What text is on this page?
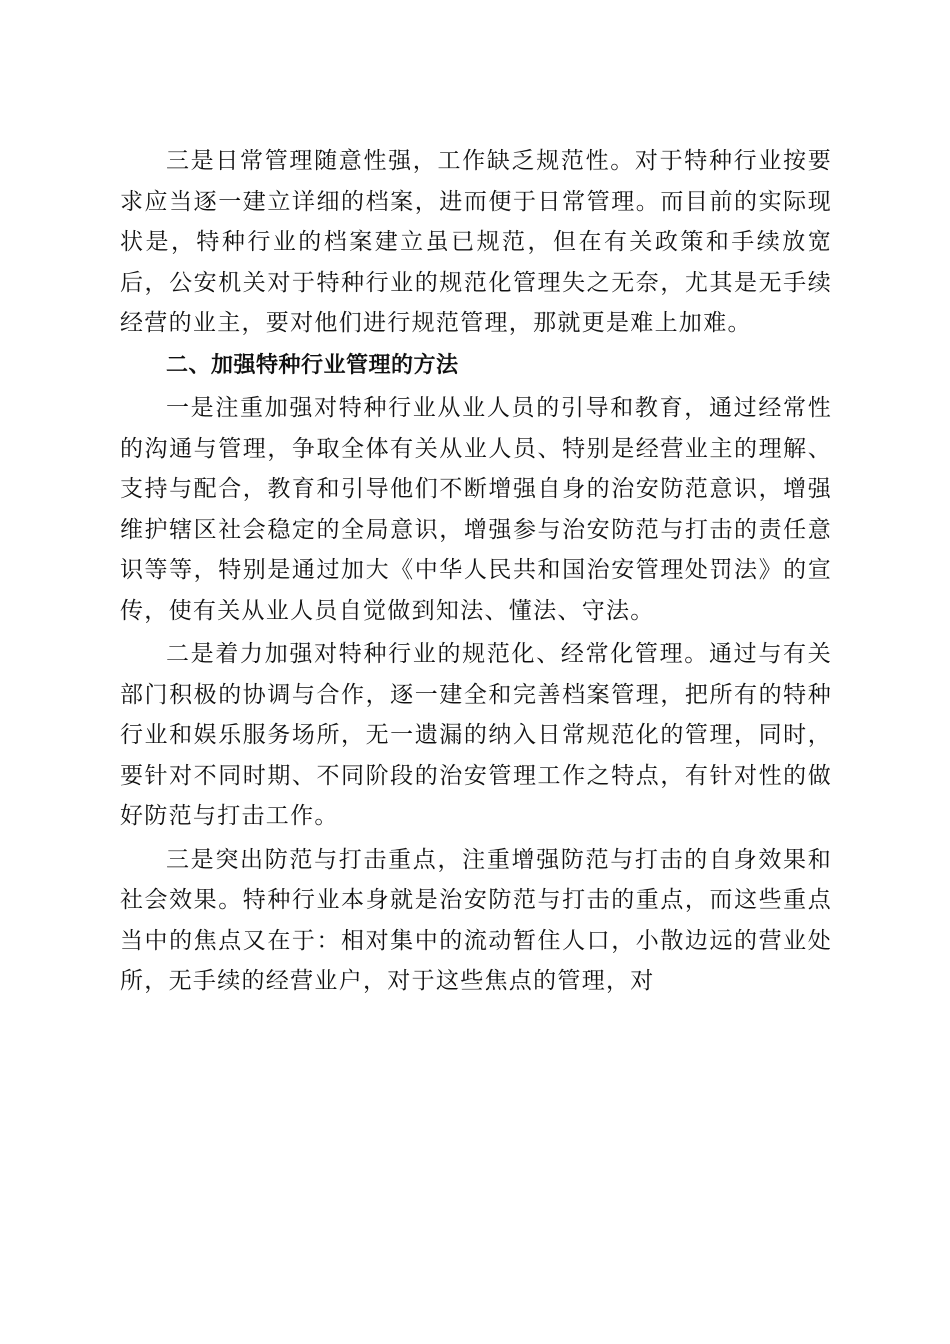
三是日常管理随意性强，工作缺乏规范性。对于特种行业按要求应当逐一建立详细的档案，进而便于日常管理。而目前的实际现状是，特种行业的档案建立虽已规范，但在有关政策和手续放宽后，公安机关对于特种行业的规范化管理失之无奈，尤其是无手续经营的业主，要对他们进行规范管理，那就更是难上加难。

二、加强特种行业管理的方法

一是注重加强对特种行业从业人员的引导和教育，通过经常性的沟通与管理，争取全体有关从业人员、特别是经营业主的理解、支持与配合，教育和引导他们不断增强自身的治安防范意识，增强维护辖区社会稳定的全局意识，增强参与治安防范与打击的责任意识等等，特别是通过加大《中华人民共和国治安管理处罚法》的宣传，使有关从业人员自觉做到知法、懂法、守法。

二是着力加强对特种行业的规范化、经常化管理。通过与有关部门积极的协调与合作，逐一建全和完善档案管理，把所有的特种行业和娱乐服务场所，无一遗漏的纳入日常规范化的管理，同时，要针对不同时期、不同阶段的治安管理工作之特点，有针对性的做好防范与打击工作。

三是突出防范与打击重点，注重增强防范与打击的自身效果和社会效果。特种行业本身就是治安防范与打击的重点，而这些重点当中的焦点又在于：相对集中的流动暂住人口，小散边远的营业处所，无手续的经营业户，对于这些焦点的管理，对
